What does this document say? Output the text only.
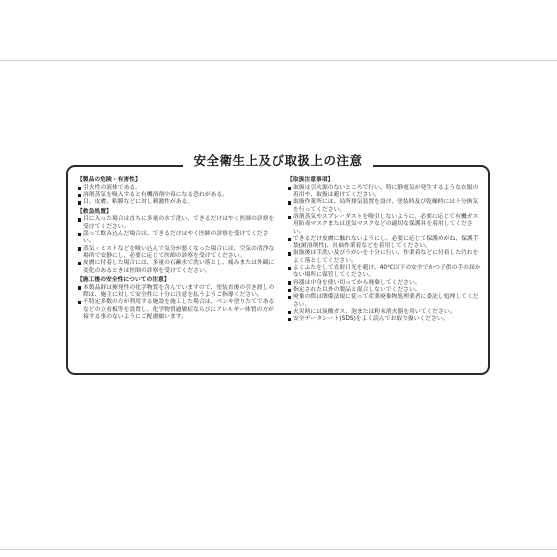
安全衛生上及び取扱上の注意
【製品の危険・有害性】
引火性の液体である。
溶剤蒸気を吸入すると有機溶剤中毒になる恐れがある。
目、皮膚、粘膜などに対し刺激性がある。
【救急処置】
目に入った場合は直ちに多量の水で洗い、できるだけはやく医師の診察を受けてください。
誤って飲み込んだ場合は、できるだけはやく医師の診察を受けてください。
蒸気・ミストなどを吸い込んで気分が悪くなった場合には、空気の清浄な場所で安静にし、必要に応じて医師の診察を受けてください。
皮膚に付着した場合には、多量の石鹸水で洗い落とし、痛みまたは外観に変化のあるときは医師の診察を受けてください。
【施工後の安全性についての注意】
本製品群は揮発性の化学物質を含んでいますので、塗装直後の引き渡しの際は、施主に対して安全性に十分に注意を払うようご指導ください。
不特定多数の方が利用する施設を施工した場合は、ペンキ塗りたてであるなどの立看板等を設置し、化学物質過敏症ならびにアレルギー体質の方が接する事のないようにご配慮願います。
【取扱注意事項】
取扱は引火源のないところで行い、特に静電気が発生するような衣服の着用や、取扱は避けてください。
取扱作業所には、局所排気装置を設け、塗装時及び乾燥時には十分換気を行ってください。
溶剤蒸気やスプレーダストを吸引しないように、必要に応じて有機ガス用防毒マスクまたは送気マスクなどの適切な保護具を着用してください。
できるだけ皮膚に触れないようにし、必要に応じて保護めがね、保護手袋(耐溶剤性)、長袖作業着などを着用してください。
取扱後は手洗い及びうがいを十分に行い、作業着などに付着した汚れをよく落としてください。
よくふたをして直射日光を避け、40℃以下の安全でかつ子供の手の届かない場所に保管してください。
容器は中身を使い切ってから廃棄してください。
指定された以外の製品と混合しないでください。
廃棄の際は関係法規に従って産業廃棄物処理業者に委託し処理してください。
火災時には炭酸ガス、泡または粉末消火器を用いてください。
安全データシート(SDS)をよく読んでお取り扱いください。
